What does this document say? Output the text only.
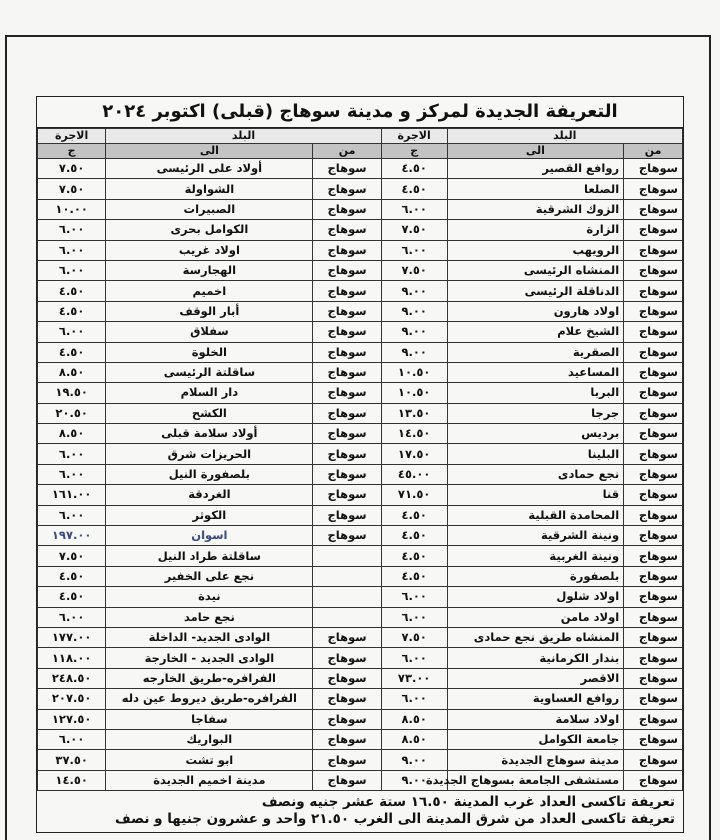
التعريفة الجديدة لمركز و مدينة سوهاج (قبلى) اكتوبر ٢٠٢٤
البلد		الاجرة	البلد		الاجرة
من	الى	ج	من	الى	ج
سوهاج	روافع القصير	٤.٥٠	سوهاج	أولاد على الرئيسى	٧.٥٠
سوهاج	الصلعا	٤.٥٠	سوهاج	الشواولة	٧.٥٠
سوهاج	الزوك الشرقية	٦.٠٠	سوهاج	الصبيرات	١٠.٠٠
سوهاج	الزارة	٧.٥٠	سوهاج	الكوامل بحرى	٦.٠٠
سوهاج	الرويهب	٦.٠٠	سوهاج	اولاد غريب	٦.٠٠
سوهاج	المنشاه الرئيسى	٧.٥٠	سوهاج	الهجارسة	٦.٠٠
سوهاج	الدناقلة الرئيسى	٩.٠٠	سوهاج	اخميم	٤.٥٠
سوهاج	اولاد هارون	٩.٠٠	سوهاج	أبار الوقف	٤.٥٠
سوهاج	الشيخ علام	٩.٠٠	سوهاج	سفلاق	٦.٠٠
سوهاج	الصقرية	٩.٠٠	سوهاج	الخلوة	٤.٥٠
سوهاج	المساعيد	١٠.٥٠	سوهاج	ساقلتة الرئيسى	٨.٥٠
سوهاج	البربا	١٠.٥٠	سوهاج	دار السلام	١٩.٥٠
سوهاج	جرجا	١٣.٥٠	سوهاج	الكشح	٢٠.٥٠
سوهاج	برديس	١٤.٥٠	سوهاج	أولاد سلامة قبلى	٨.٥٠
سوهاج	البلينا	١٧.٥٠	سوهاج	الحريزات شرق	٦.٠٠
سوهاج	نجع حمادى	٤٥.٠٠	سوهاج	بلصفورة النيل	٦.٠٠
سوهاج	قنا	٧١.٥٠	سوهاج	الغردقة	١٦١.٠٠
سوهاج	المحامدة القبلية	٤.٥٠	سوهاج	الكوثر	٦.٠٠
سوهاج	ونينة الشرقية	٤.٥٠	سوهاج	اسوان	١٩٧.٠٠
سوهاج	ونينة الغربية	٤.٥٠		ساقلتة طراد النيل	٧.٥٠
سوهاج	بلصفورة	٤.٥٠		نجع على الخفير	٤.٥٠
سوهاج	اولاد شلول	٦.٠٠		نيدة	٤.٥٠
سوهاج	اولاد مامن	٦.٠٠		نجع حامد	٦.٠٠
سوهاج	المنشاه طريق نجع حمادى	٧.٥٠	سوهاج	الوادى الجديد- الداخلة	١٧٧.٠٠
سوهاج	بندار الكرمانية	٦.٠٠	سوهاج	الوادى الجديد - الخارجة	١١٨.٠٠
سوهاج	الاقصر	٧٣.٠٠	سوهاج	الفرافره-طريق الخارجه	٢٤٨.٥٠
سوهاج	روافع العساوية	٦.٠٠	سوهاج	الفرافره-طريق ديروط عين دله	٢٠٧.٥٠
سوهاج	اولاد سلامة	٨.٥٠	سوهاج	سفاجا	١٢٧.٥٠
سوهاج	جامعة الكوامل	٨.٥٠	سوهاج	البواريك	٦.٠٠
سوهاج	مدينة سوهاج الجديدة	٩.٠٠	سوهاج	ابو تشت	٣٧.٥٠
سوهاج	مستشفى الجامعة بسوهاج الجديدة	٩.٠٠	سوهاج	مدينة اخميم الجديدة	١٤.٥٠
تعريفة تاكسى العداد غرب المدينة ١٦.٥٠ ستة عشر جنيه ونصف
تعريفة تاكسى العداد من شرق المدينة الى الغرب ٢١.٥٠ واحد و عشرون جنيها و نصف
